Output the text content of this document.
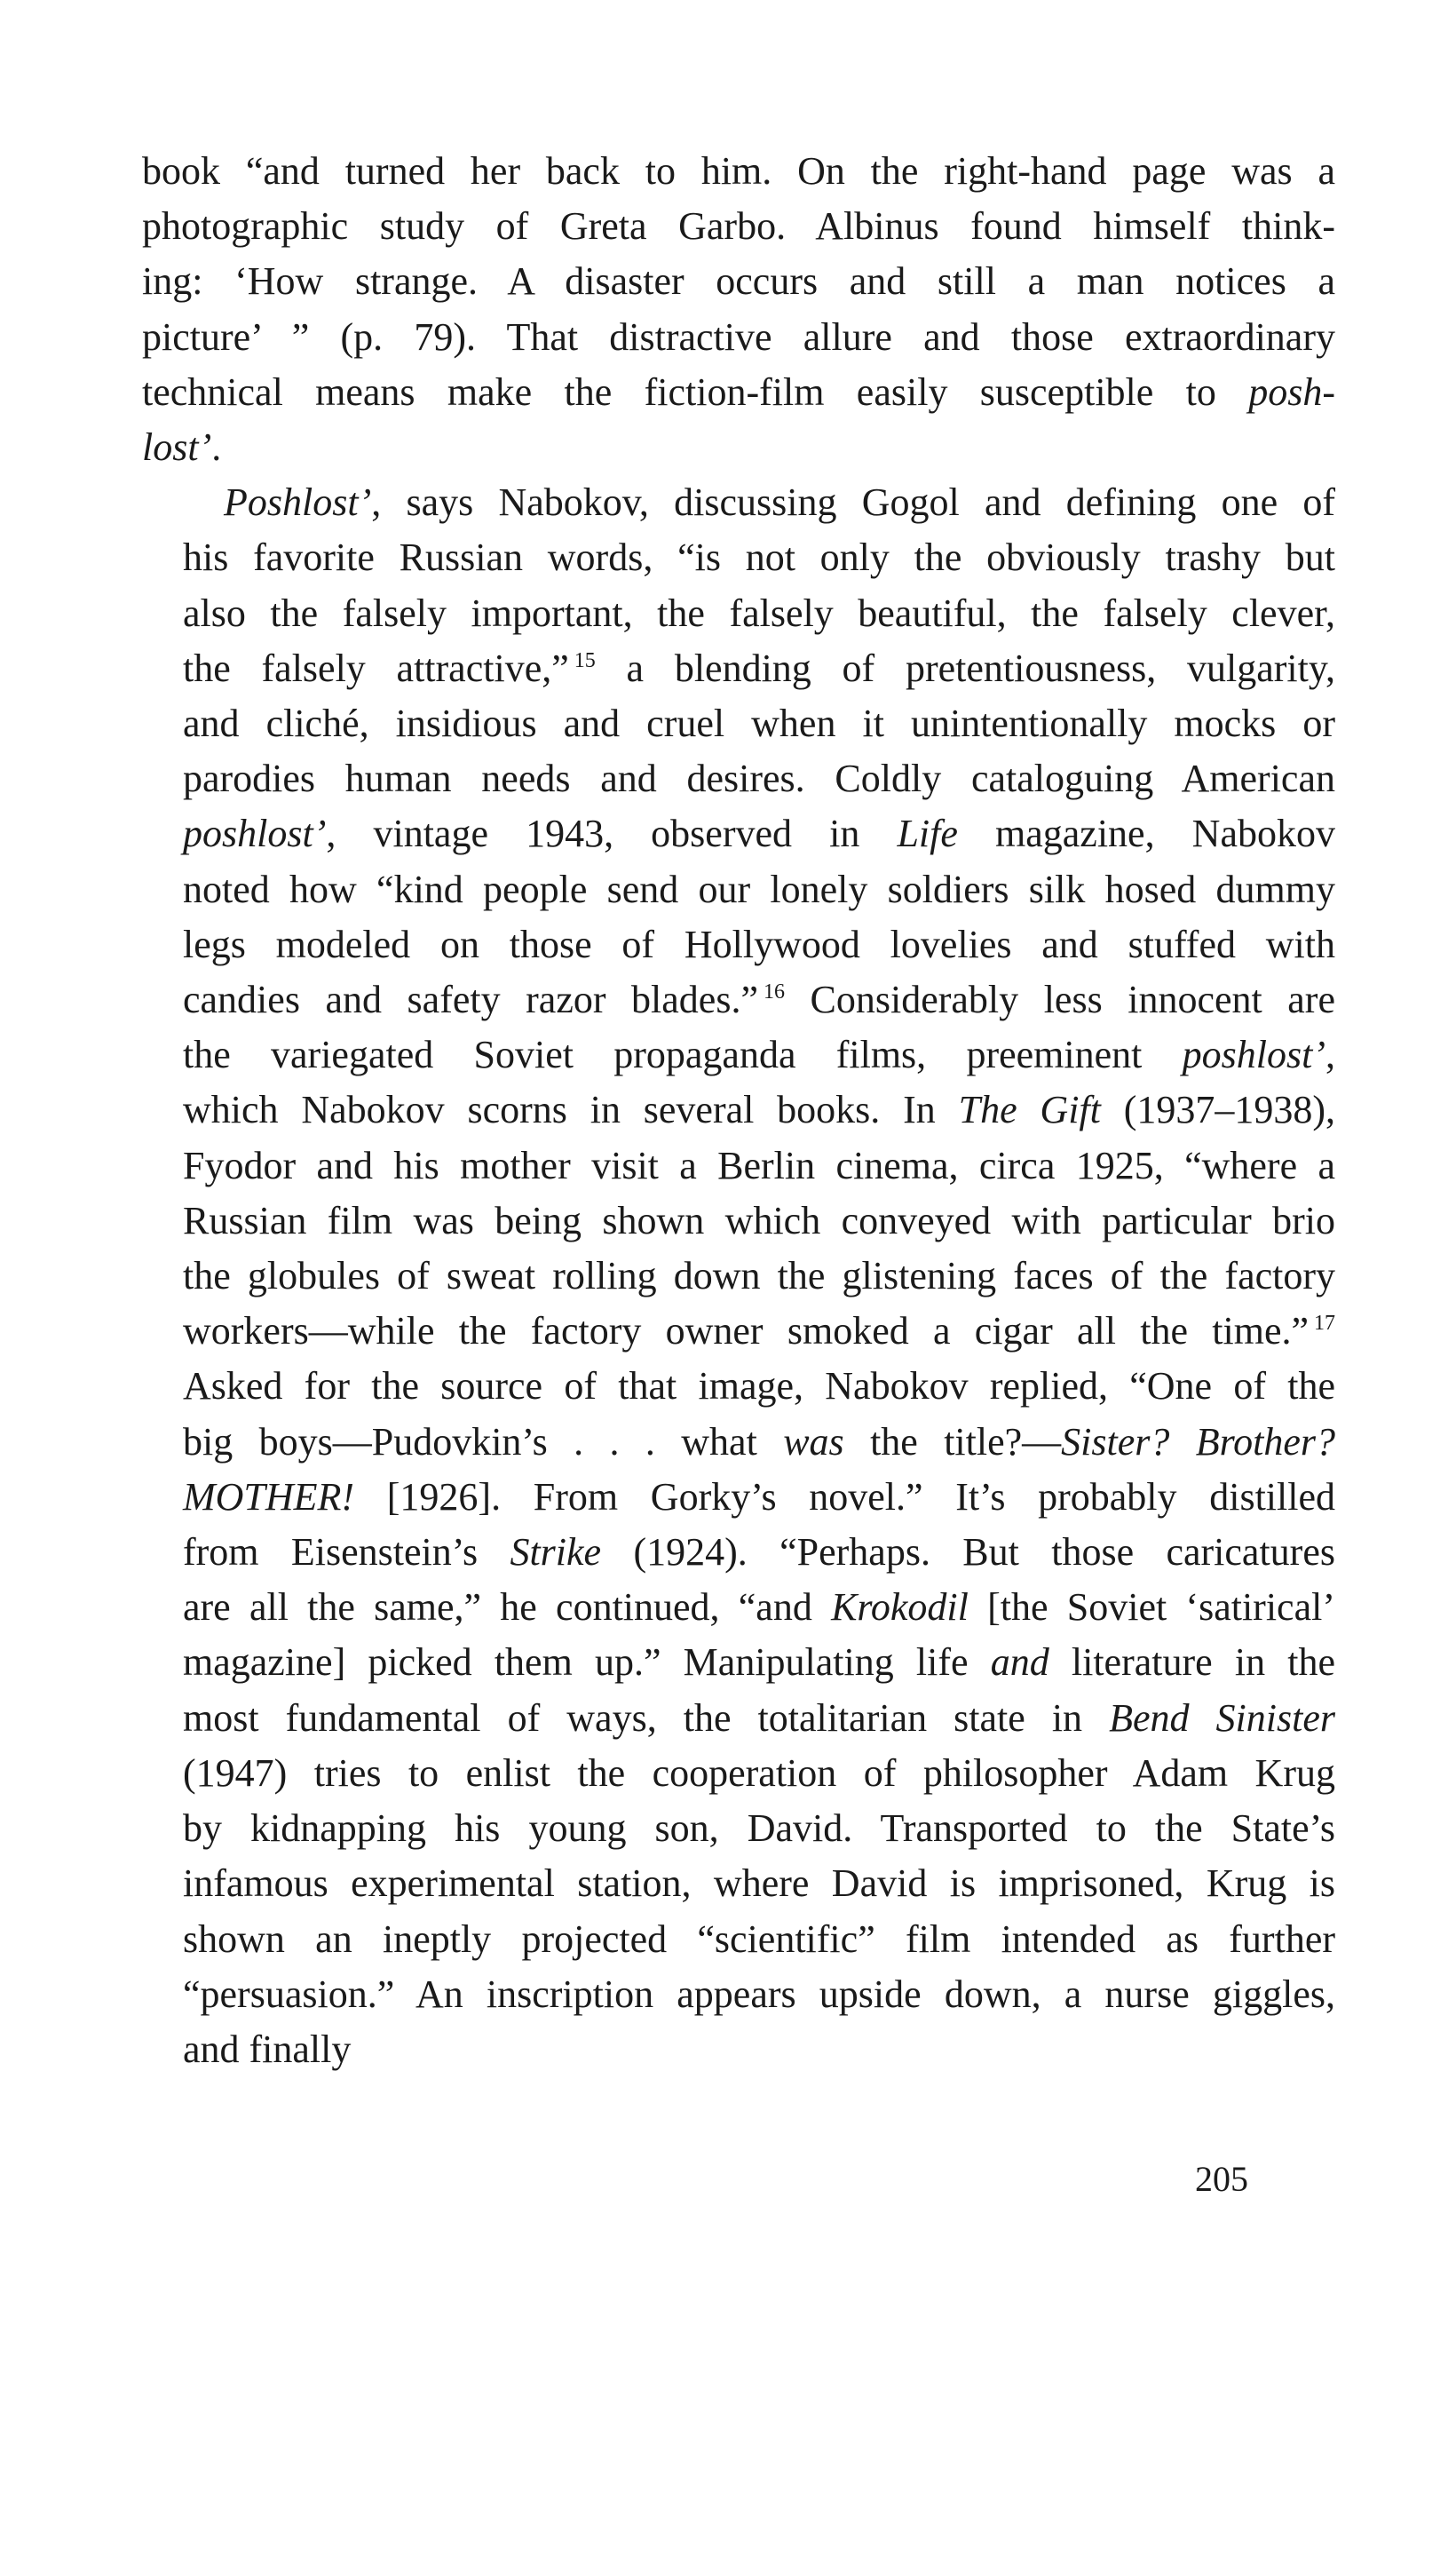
book “and turned her back to him. On the right-hand page was a
photographic study of Greta Garbo. Albinus found himself think-
ing: ‘How strange. A disaster occurs and still a man notices a
picture’ ” (p. 79). That distractive allure and those extraordinary
technical means make the fiction-film easily susceptible to posh-
lost’.
Poshlost’, says Nabokov, discussing Gogol and defining one of
his favorite Russian words, “is not only the obviously trashy but
also the falsely important, the falsely beautiful, the falsely clever,
the falsely attractive,” $^{15}$ a blending of pretentiousness, vulgarity,
and cliché, insidious and cruel when it unintentionally mocks or
parodies human needs and desires. Coldly cataloguing American
poshlost’, vintage 1943, observed in Life magazine, Nabokov
noted how “kind people send our lonely soldiers silk hosed dummy
legs modeled on those of Hollywood lovelies and stuffed with
candies and safety razor blades.” $^{16}$ Considerably less innocent are
the variegated Soviet propaganda films, preeminent poshlost’,
which Nabokov scorns in several books. In The Gift (1937–1938),
Fyodor and his mother visit a Berlin cinema, circa 1925, “where a
Russian film was being shown which conveyed with particular brio
the globules of sweat rolling down the glistening faces of the factory
workers—while the factory owner smoked a cigar all the time.” $^{17}$
Asked for the source of that image, Nabokov replied, “One of the
big boys—Pudovkin’s . . . what was the title?—Sister? Brother?
MOTHER! [1926]. From Gorky’s novel.” It’s probably distilled
from Eisenstein’s Strike (1924). “Perhaps. But those caricatures
are all the same,” he continued, “and Krokodil [the Soviet ‘satirical’
magazine] picked them up.” Manipulating life and literature in the
most fundamental of ways, the totalitarian state in Bend Sinister
(1947) tries to enlist the cooperation of philosopher Adam Krug
by kidnapping his young son, David. Transported to the State’s
infamous experimental station, where David is imprisoned, Krug is
shown an ineptly projected “scientific” film intended as further
“persuasion.” An inscription appears upside down, a nurse giggles,
and finally
205
